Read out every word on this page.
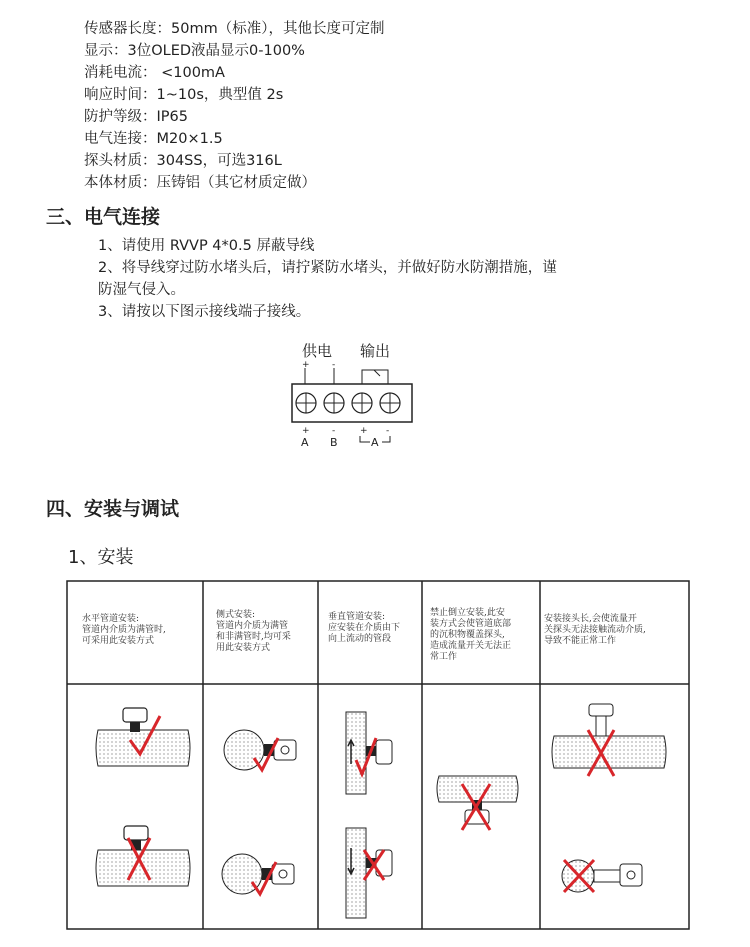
传感器长度：50mm（标准），其他长度可定制
显示：3位OLED液晶显示0-100%
消耗电流： <100mA
响应时间：1~10s，典型值 2s
防护等级：IP65
电气连接：M20×1.5
探头材质：304SS，可选316L
本体材质：压铸铝（其它材质定做）
三、电气连接
1、请使用 RVVP 4*0.5 屏蔽导线
2、将导线穿过防水堵头后，请拧紧防水堵头，并做好防水防潮措施，谨
防湿气侵入。
3、请按以下图示接线端子接线。
供电 输出
+ -
+ -	+ -
A B	A
四、安装与调试
1、安装
水平管道安装:
管道内介质为满管时,
可采用此安装方式
侧式安装:
管道内介质为满管
和非满管时,均可采
用此安装方式
垂直管道安装:
应安装在介质由下
向上流动的管段
禁止倒立安装,此安
装方式会使管道底部
的沉积物覆盖探头,
造成流量开关无法正
常工作
安装接头长,会使流量开
关探头无法接触流动介质,
导致不能正常工作
